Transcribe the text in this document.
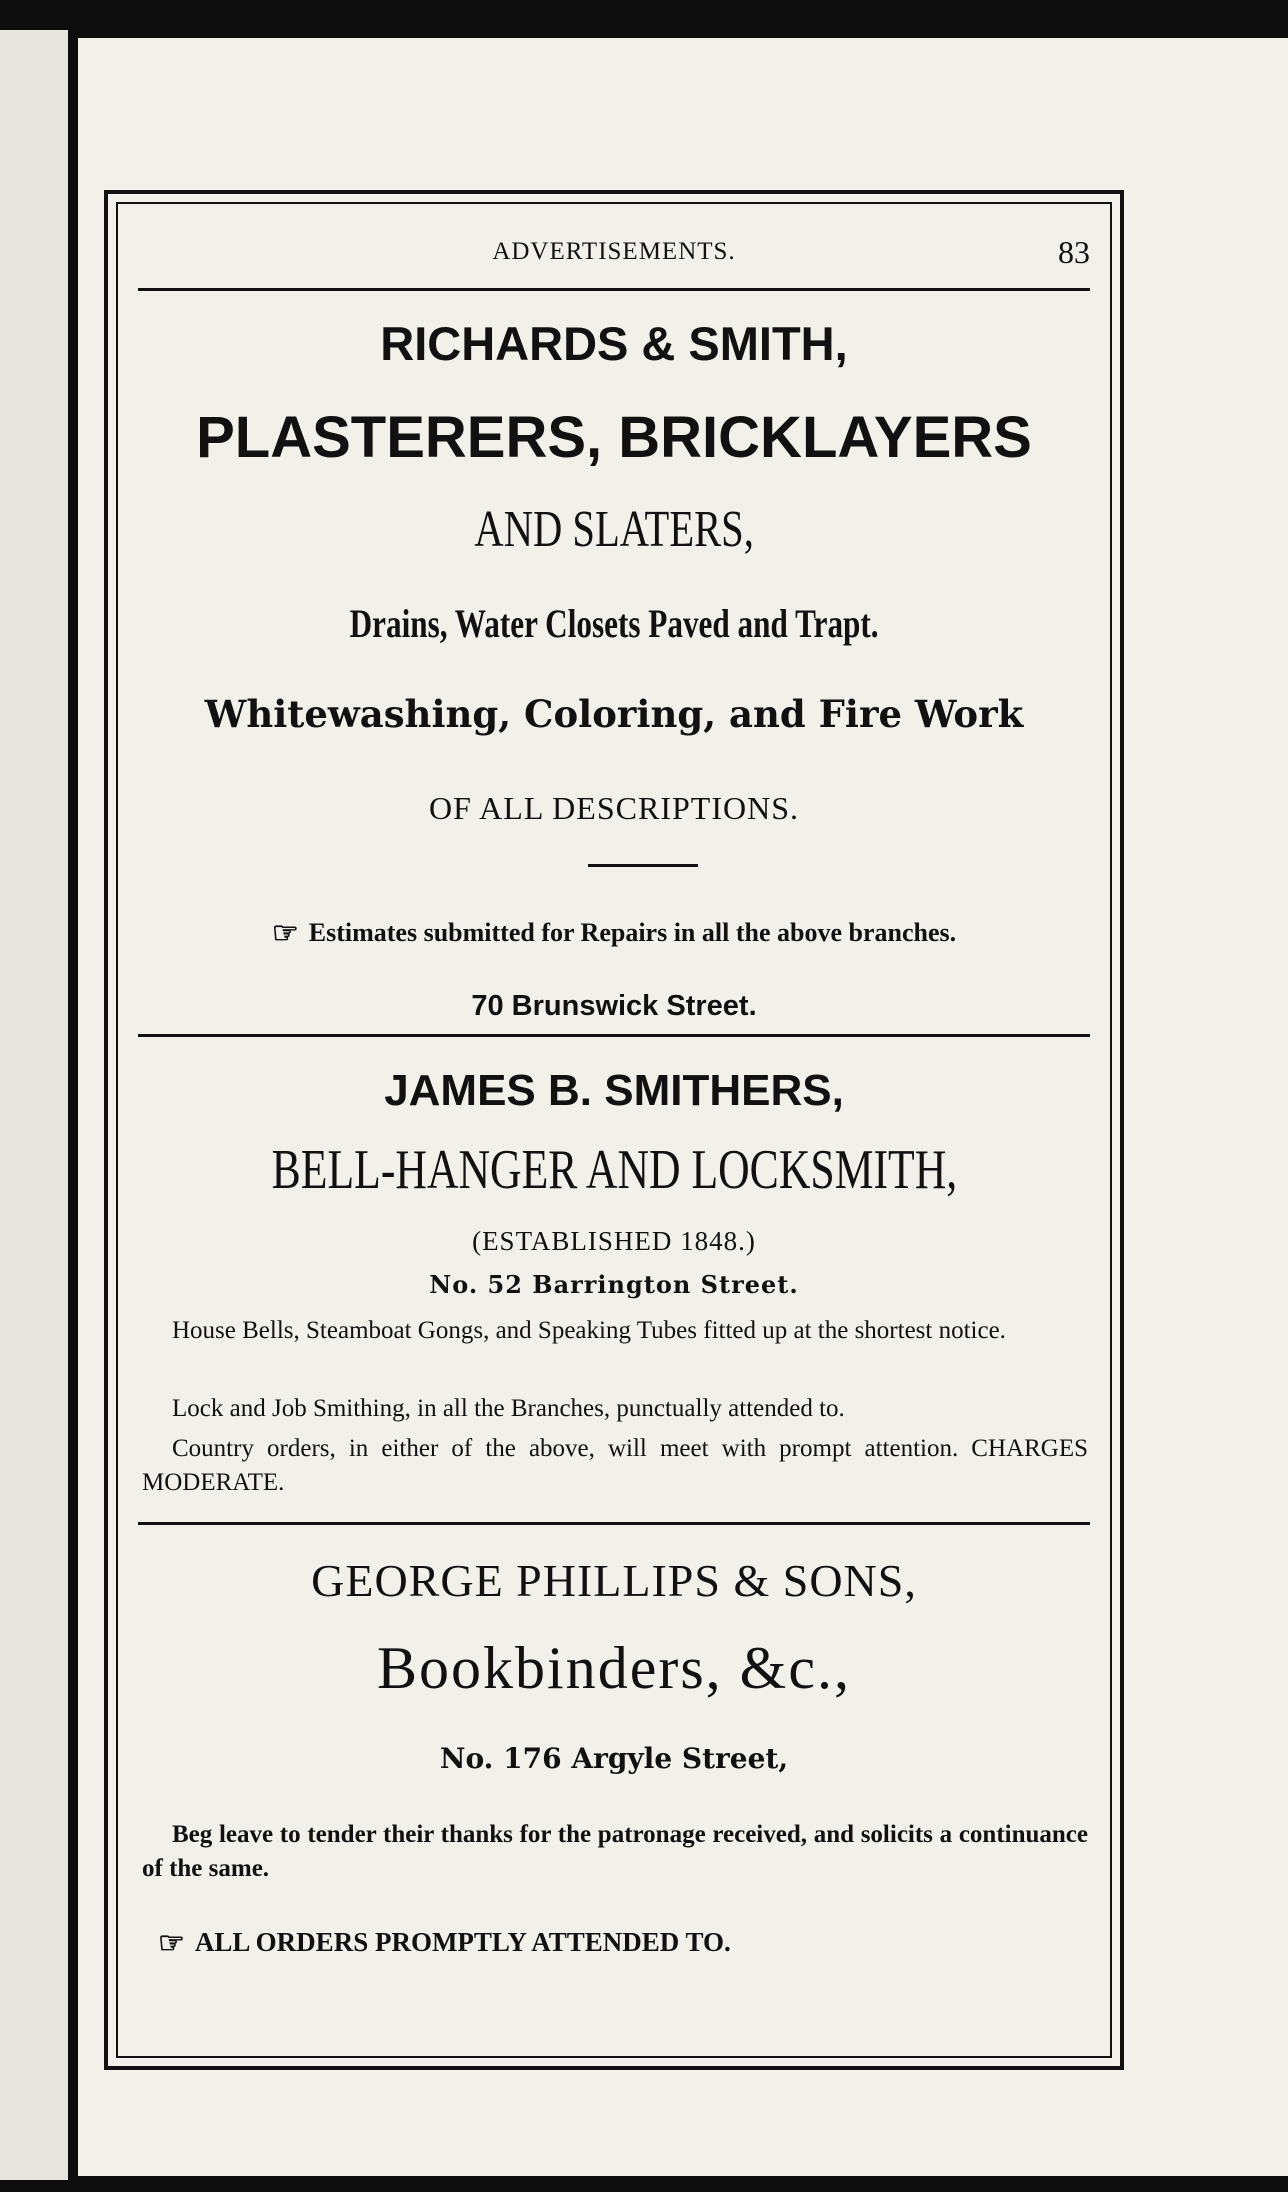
ADVERTISEMENTS.	83
RICHARDS & SMITH,
PLASTERERS, BRICKLAYERS
AND SLATERS,
Drains, Water Closets Paved and Trapt.
Whitewashing, Coloring, and Fire Work
OF ALL DESCRIPTIONS.
☞ Estimates submitted for Repairs in all the above branches.
70 Brunswick Street.
JAMES B. SMITHERS,
BELL-HANGER AND LOCKSMITH,
(ESTABLISHED 1848.)
No. 52 Barrington Street.
House Bells, Steamboat Gongs, and Speaking Tubes fitted up at the shortest notice.
Lock and Job Smithing, in all the Branches, punctually attended to.
Country orders, in either of the above, will meet with prompt attention. CHARGES MODERATE.
GEORGE PHILLIPS & SONS,
Bookbinders, &c.,
No. 176 Argyle Street,
Beg leave to tender their thanks for the patronage received, and solicits a continuance of the same.
☞ ALL ORDERS PROMPTLY ATTENDED TO.
